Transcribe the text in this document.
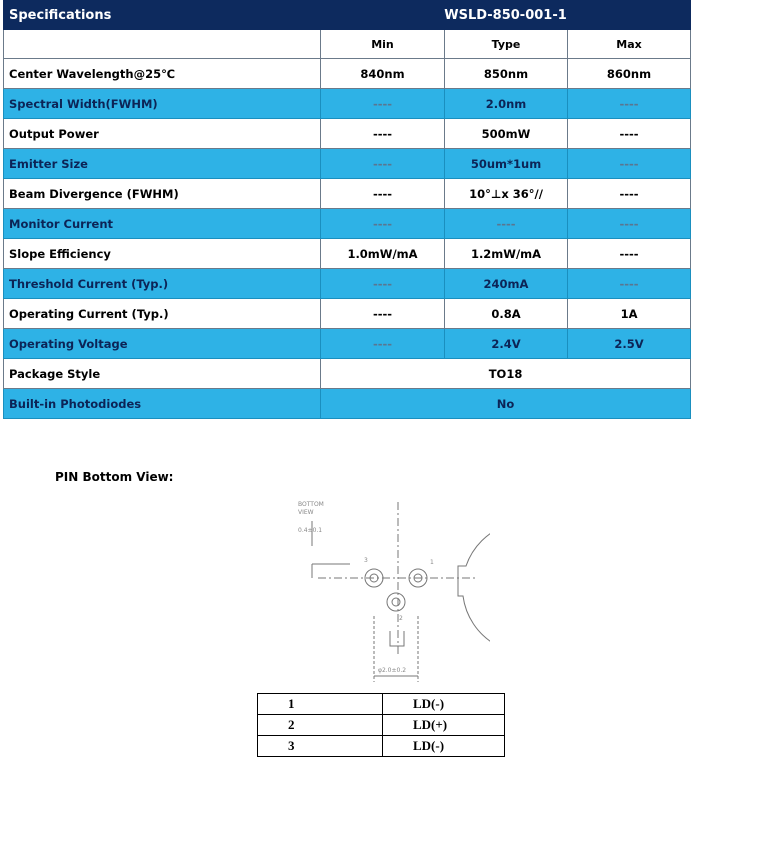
Specifications	WSLD-850-001-1		
	Min	Type	Max
Center Wavelength@25℃	840nm	850nm	860nm
Spectral Width(FWHM)	----	2.0nm	----
Output Power	----	500mW	----
Emitter Size	----	50um*1um	----
Beam Divergence (FWHM)	----	10°⊥x 36°//	----
Monitor Current	----	----	----
Slope Efficiency	1.0mW/mA	1.2mW/mA	----
Threshold Current (Typ.)	----	240mA	----
Operating Current (Typ.)	----	0.8A	1A
Operating Voltage	----	2.4V	2.5V
Package Style	TO18		
Built-in Photodiodes	No		
PIN Bottom View:
BOTTOM
VIEW
0.4±0.1
φ2.0±0.2
3	1
2
1	LD(-)
2	LD(+)
3	LD(-)
